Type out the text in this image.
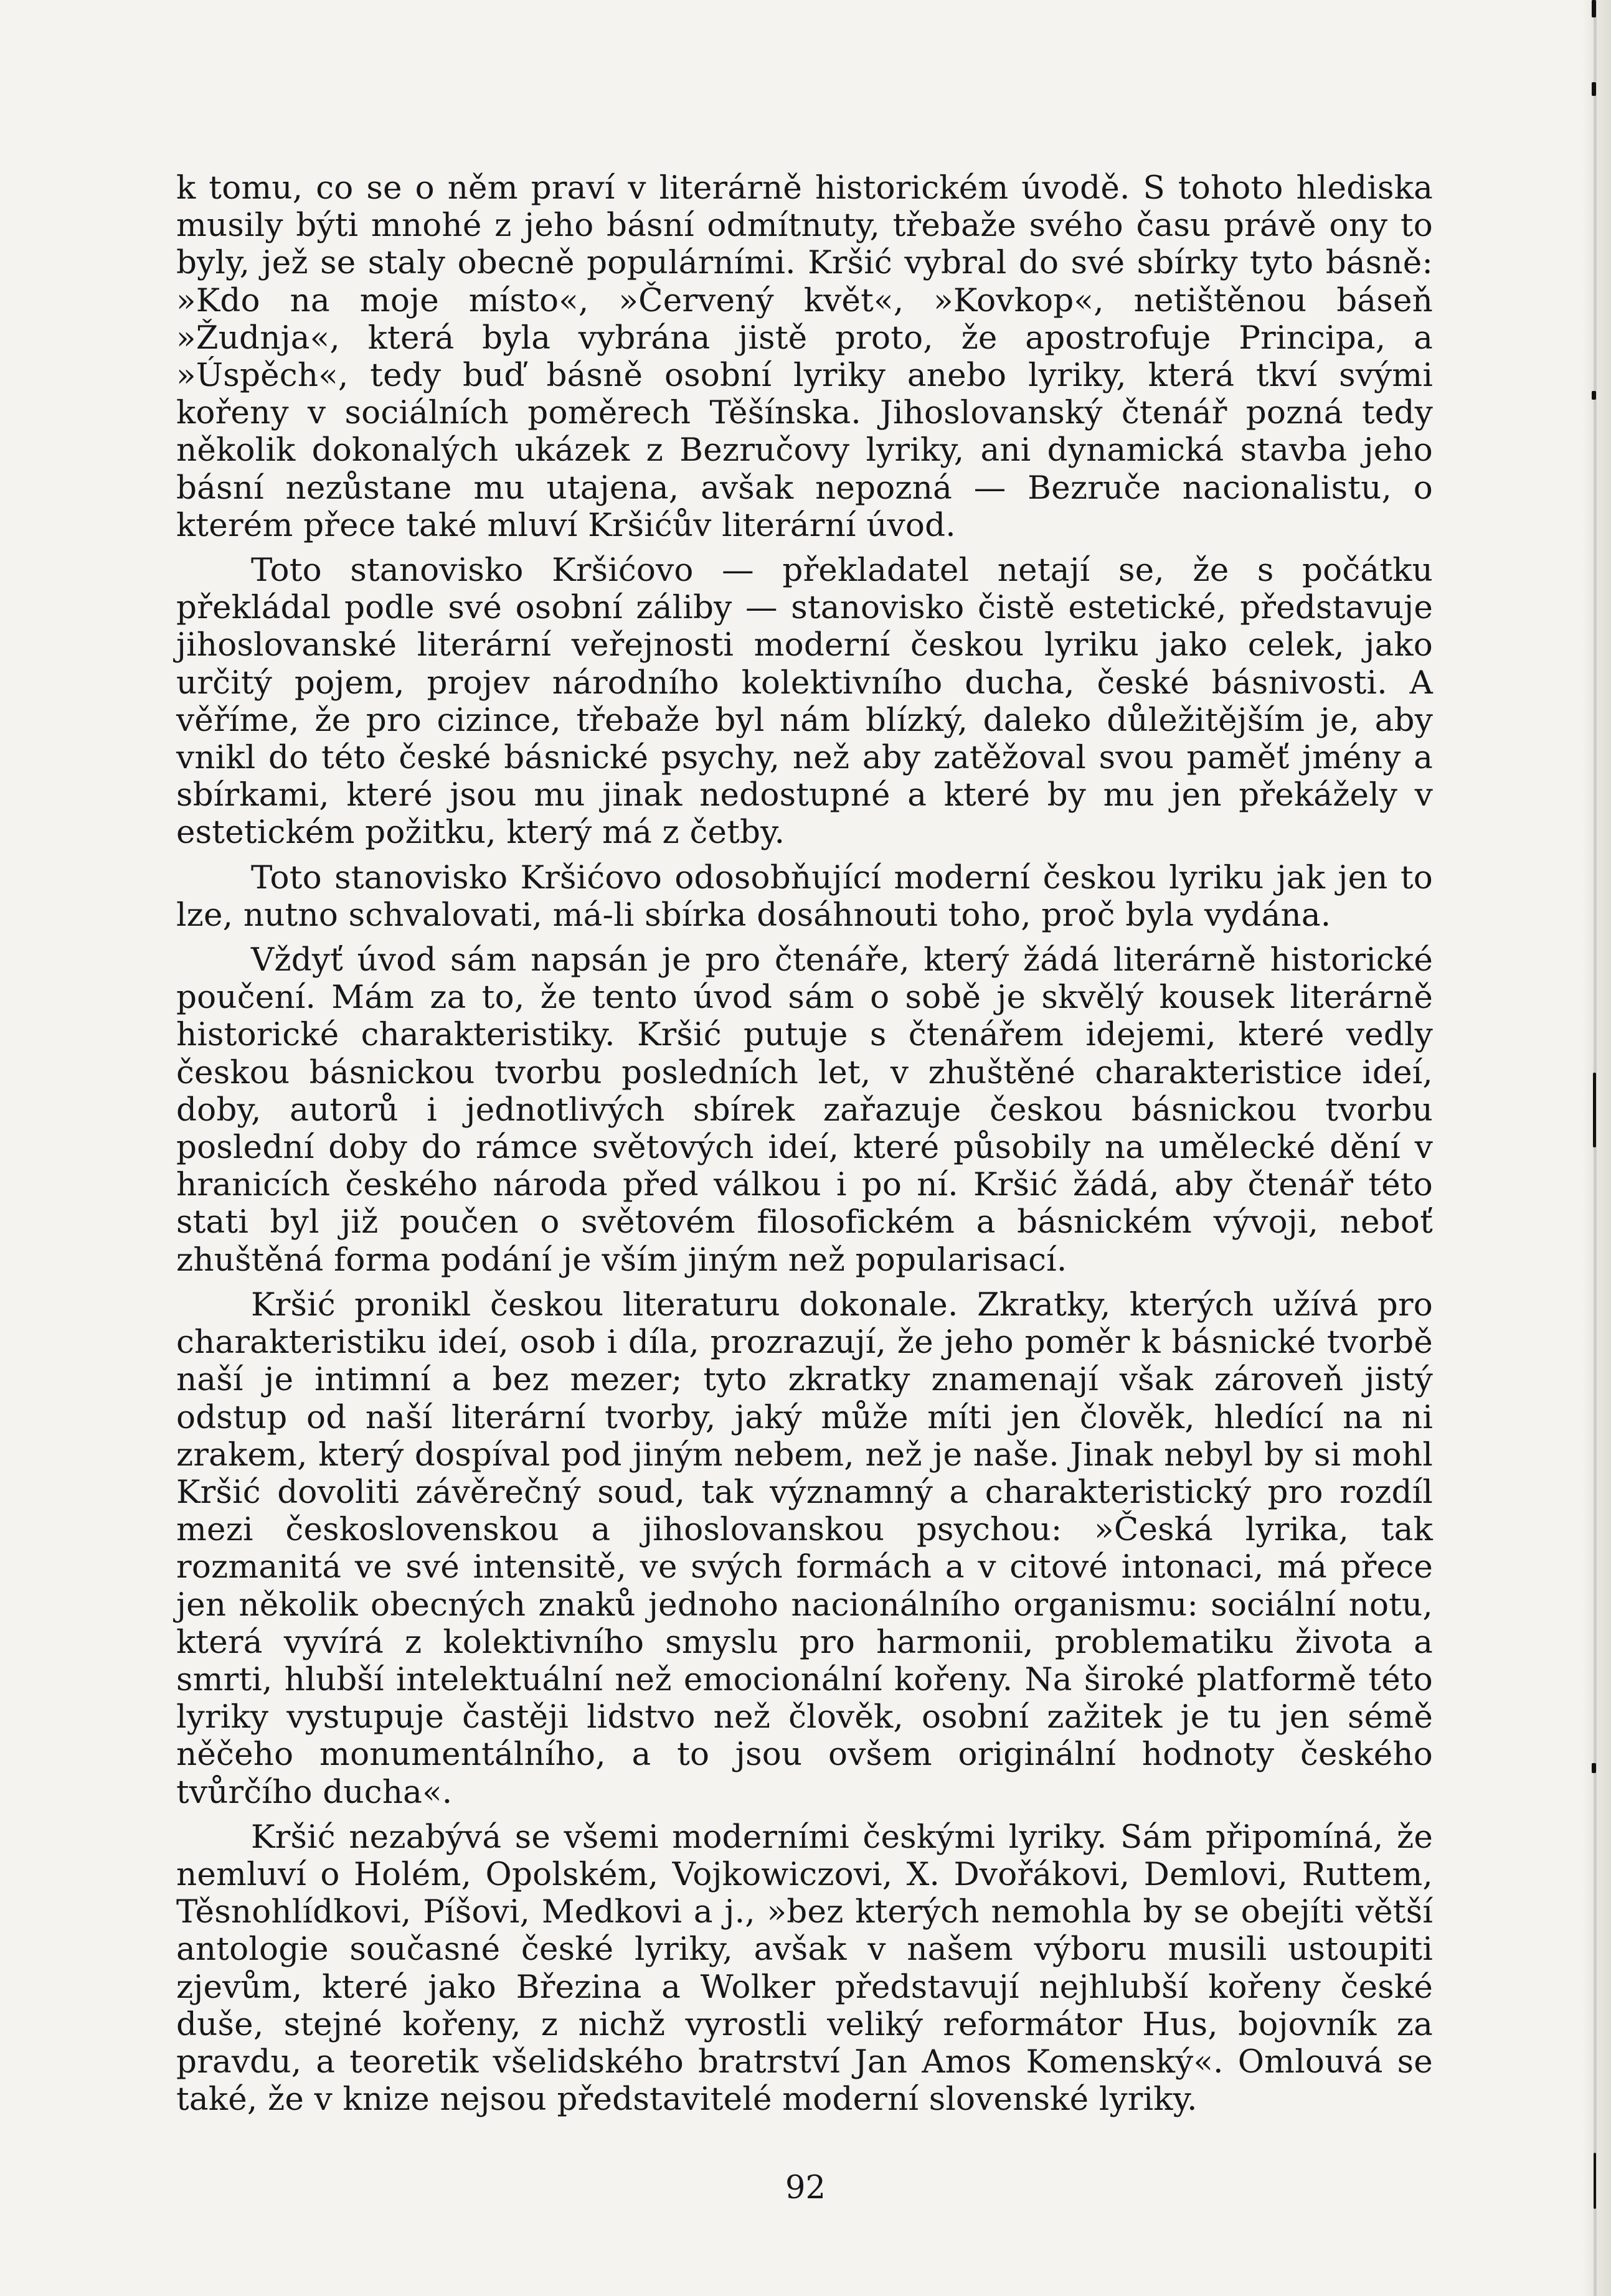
k tomu, co se o něm praví v literárně historickém úvodě. S tohoto hlediska musily býti mnohé z jeho básní odmítnuty, třebaže svého času právě ony to byly, jež se staly obecně populárními. Kršić vybral do své sbírky tyto básně: »Kdo na moje místo«, »Červený květ«, »Kovkop«, netištěnou báseň »Žudnja«, která byla vybrána jistě proto, že apostrofuje Principa, a »Úspěch«, tedy buď básně osobní lyriky anebo lyriky, která tkví svými kořeny v sociálních poměrech Těšínska. Jihoslovanský čtenář pozná tedy několik dokonalých ukázek z Bezručovy lyriky, ani dynamická stavba jeho básní nezůstane mu utajena, avšak nepozná — Bezruče nacionalistu, o kterém přece také mluví Kršićův literární úvod.

Toto stanovisko Kršićovo — překladatel netají se, že s počátku překládal podle své osobní záliby — stanovisko čistě estetické, představuje jihoslovanské literární veřejnosti moderní českou lyriku jako celek, jako určitý pojem, projev národního kolektivního ducha, české básnivosti. A věříme, že pro cizince, třebaže byl nám blízký, daleko důležitějším je, aby vnikl do této české básnické psychy, než aby zatěžoval svou paměť jmény a sbírkami, které jsou mu jinak nedostupné a které by mu jen překážely v estetickém požitku, který má z četby.

Toto stanovisko Kršićovo odosobňující moderní českou lyriku jak jen to lze, nutno schvalovati, má-li sbírka dosáhnouti toho, proč byla vydána.

Vždyť úvod sám napsán je pro čtenáře, který žádá literárně historické poučení. Mám za to, že tento úvod sám o sobě je skvělý kousek literárně historické charakteristiky. Kršić putuje s čtenářem idejemi, které vedly českou básnickou tvorbu posledních let, v zhuštěné charakteristice ideí, doby, autorů i jednotlivých sbírek zařazuje českou básnickou tvorbu poslední doby do rámce světových ideí, které působily na umělecké dění v hranicích českého národa před válkou i po ní. Kršić žádá, aby čtenář této stati byl již poučen o světovém filosofickém a básnickém vývoji, neboť zhuštěná forma podání je vším jiným než popularisací.

Kršić pronikl českou literaturu dokonale. Zkratky, kterých užívá pro charakteristiku ideí, osob i díla, prozrazují, že jeho poměr k básnické tvorbě naší je intimní a bez mezer; tyto zkratky znamenají však zároveň jistý odstup od naší literární tvorby, jaký může míti jen člověk, hledící na ni zrakem, který dospíval pod jiným nebem, než je naše. Jinak nebyl by si mohl Kršić dovoliti závěrečný soud, tak významný a charakteristický pro rozdíl mezi československou a jihoslovanskou psychou: »Česká lyrika, tak rozmanitá ve své intensitě, ve svých formách a v citové intonaci, má přece jen několik obecných znaků jednoho nacionálního organismu: sociální notu, která vyvírá z kolektivního smyslu pro harmonii, problematiku života a smrti, hlubší intelektuální než emocionální kořeny. Na široké platformě této lyriky vystupuje častěji lidstvo než člověk, osobní zažitek je tu jen sémě něčeho monumentálního, a to jsou ovšem originální hodnoty českého tvůrčího ducha«.

Kršić nezabývá se všemi moderními českými lyriky. Sám připomíná, že nemluví o Holém, Opolském, Vojkowiczovi, X. Dvořákovi, Demlovi, Ruttem, Těsnohlídkovi, Píšovi, Medkovi a j., »bez kterých nemohla by se obejíti větší antologie současné české lyriky, avšak v našem výboru musili ustoupiti zjevům, které jako Březina a Wolker představují nejhlubší kořeny české duše, stejné kořeny, z nichž vyrostli veliký reformátor Hus, bojovník za pravdu, a teoretik všelidského bratrství Jan Amos Komenský«. Omlouvá se také, že v knize nejsou představitelé moderní slovenské lyriky.

92
